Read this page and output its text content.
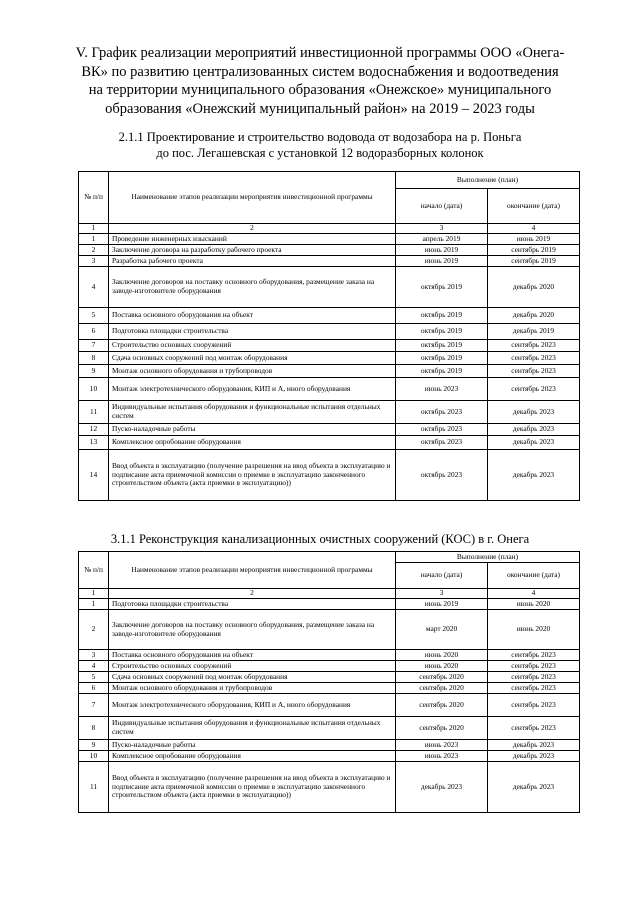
V. График реализации мероприятий инвестиционной программы ООО «Онега-
ВК» по развитию централизованных систем водоснабжения и водоотведения
на территории муниципального образования «Онежское» муниципального
образования «Онежский муниципальный район» на 2019 – 2023 годы
2.1.1 Проектирование и строительство водовода от водозабора на р. Поньга
до пос. Легашевская с установкой 12 водоразборных колонок
№ п/п	Наименование этапов реализации мероприятия инвестиционной программы	Выполнение (план)	
		начало (дата)	окончание (дата)
1	2	3	4
1	Проведение инженерных изысканий	апрель 2019	июнь 2019
2	Заключение договора на разработку рабочего проекта	июнь 2019	сентябрь 2019
3	Разработка рабочего проекта	июнь 2019	сентябрь 2019
4	Заключение договоров на поставку основного оборудования, размещение заказа на заводе-изготовителе оборудования	октябрь 2019	декабрь 2020
5	Поставка основного оборудования на объект	октябрь 2019	декабрь 2020
6	Подготовка площадки строительства	октябрь 2019	декабрь 2019
7	Строительство основных сооружений	октябрь 2019	сентябрь 2023
8	Сдача основных сооружений под монтаж оборудования	октябрь 2019	сентябрь 2023
9	Монтаж основного оборудования и трубопроводов	октябрь 2019	сентябрь 2023
10	Монтаж электротехнического оборудования, КИП и А, иного оборудования	июнь 2023	сентябрь 2023
11	Индивидуальные испытания оборудования и функциональные испытания отдельных систем	октябрь 2023	декабрь 2023
12	Пуско-наладочные работы	октябрь 2023	декабрь 2023
13	Комплексное опробование оборудования	октябрь 2023	декабрь 2023
14	Ввод объекта в эксплуатацию (получение разрешения на ввод объекта в эксплуатацию и подписание акта приемочной комиссии о приемке в эксплуатацию законченного строительством объекта (акта приемки в эксплуатацию))	октябрь 2023	декабрь 2023
3.1.1 Реконструкция канализационных очистных сооружений (КОС) в г. Онега
№ п/п	Наименование этапов реализации мероприятия инвестиционной программы	Выполнение (план)	
		начало (дата)	окончание (дата)
1	2	3	4
1	Подготовка площадки строительства	июнь 2019	июнь 2020
2	Заключение договоров на поставку основного оборудования, размещение заказа на заводе-изготовителе оборудования	март 2020	июнь 2020
3	Поставка основного оборудования на объект	июнь 2020	сентябрь 2023
4	Строительство основных сооружений	июнь 2020	сентябрь 2023
5	Сдача основных сооружений под монтаж оборудования	сентябрь 2020	сентябрь 2023
6	Монтаж основного оборудования и трубопроводов	сентябрь 2020	сентябрь 2023
7	Монтаж электротехнического оборудования, КИП и А, иного оборудования	сентябрь 2020	сентябрь 2023
8	Индивидуальные испытания оборудования и функциональные испытания отдельных систем	сентябрь 2020	сентябрь 2023
9	Пуско-наладочные работы	июнь 2023	декабрь 2023
10	Комплексное опробование оборудования	июнь 2023	декабрь 2023
11	Ввод объекта в эксплуатацию (получение разрешения на ввод объекта в эксплуатацию и подписание акта приемочной комиссии о приемке в эксплуатацию законченного строительством объекта (акта приемки в эксплуатацию))	декабрь 2023	декабрь 2023
